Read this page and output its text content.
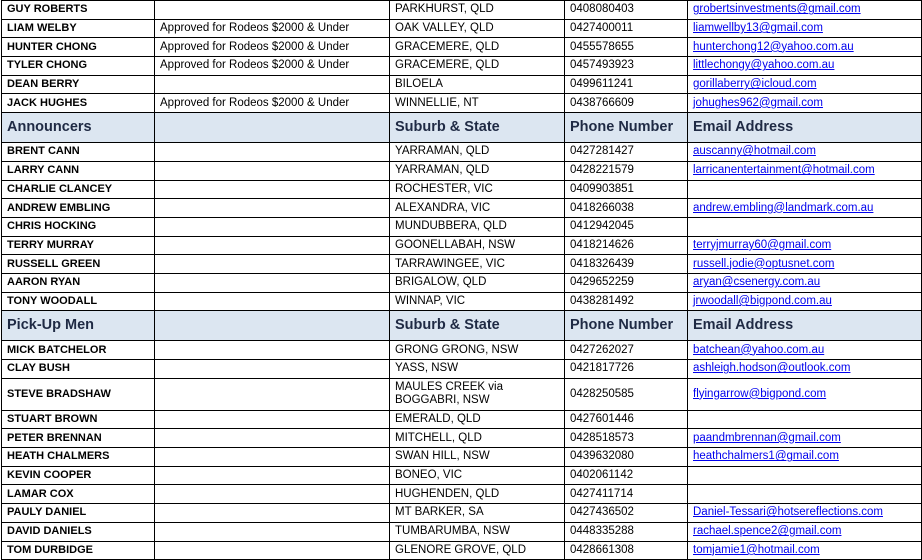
GUY ROBERTS		PARKHURST, QLD	0408080403	grobertsinvestments@gmail.com
LIAM WELBY	Approved for Rodeos $2000 & Under	OAK VALLEY, QLD	0427400011	liamwellby13@gmail.com
HUNTER CHONG	Approved for Rodeos $2000 & Under	GRACEMERE, QLD	0455578655	hunterchong12@yahoo.com.au
TYLER CHONG	Approved for Rodeos $2000 & Under	GRACEMERE, QLD	0457493923	littlechongy@yahoo.com.au
DEAN BERRY		BILOELA	0499611241	gorillaberry@icloud.com
JACK HUGHES	Approved for Rodeos $2000 & Under	WINNELLIE, NT	0438766609	johughes962@gmail.com
Announcers		Suburb & State	Phone Number	Email Address
BRENT CANN		YARRAMAN, QLD	0427281427	auscanny@hotmail.com
LARRY CANN		YARRAMAN, QLD	0428221579	larricanentertainment@hotmail.com
CHARLIE CLANCEY		ROCHESTER, VIC	0409903851	
ANDREW EMBLING		ALEXANDRA, VIC	0418266038	andrew.embling@landmark.com.au
CHRIS HOCKING		MUNDUBBERA, QLD	0412942045	
TERRY MURRAY		GOONELLABAH, NSW	0418214626	terryjmurray60@gmail.com
RUSSELL GREEN		TARRAWINGEE, VIC	0418326439	russell.jodie@optusnet.com
AARON RYAN		BRIGALOW, QLD	0429652259	aryan@csenergy.com.au
TONY WOODALL		WINNAP, VIC	0438281492	jrwoodall@bigpond.com.au
Pick-Up Men		Suburb & State	Phone Number	Email Address
MICK BATCHELOR		GRONG GRONG, NSW	0427262027	batchean@yahoo.com.au
CLAY BUSH		YASS, NSW	0421817726	ashleigh.hodson@outlook.com
STEVE BRADSHAW		MAULES CREEK via BOGGABRI, NSW	0428250585	flyingarrow@bigpond.com
STUART BROWN		EMERALD, QLD	0427601446	
PETER BRENNAN		MITCHELL, QLD	0428518573	paandmbrennan@gmail.com
HEATH CHALMERS		SWAN HILL, NSW	0439632080	heathchalmers1@gmail.com
KEVIN COOPER		BONEO, VIC	0402061142	
LAMAR COX		HUGHENDEN, QLD	0427411714	
PAULY DANIEL		MT BARKER, SA	0427436502	Daniel-Tessari@hotsereflections.com
DAVID DANIELS		TUMBARUMBA, NSW	0448335288	rachael.spence2@gmail.com
TOM DURBIDGE		GLENORE GROVE, QLD	0428661308	tomjamie1@hotmail.com
